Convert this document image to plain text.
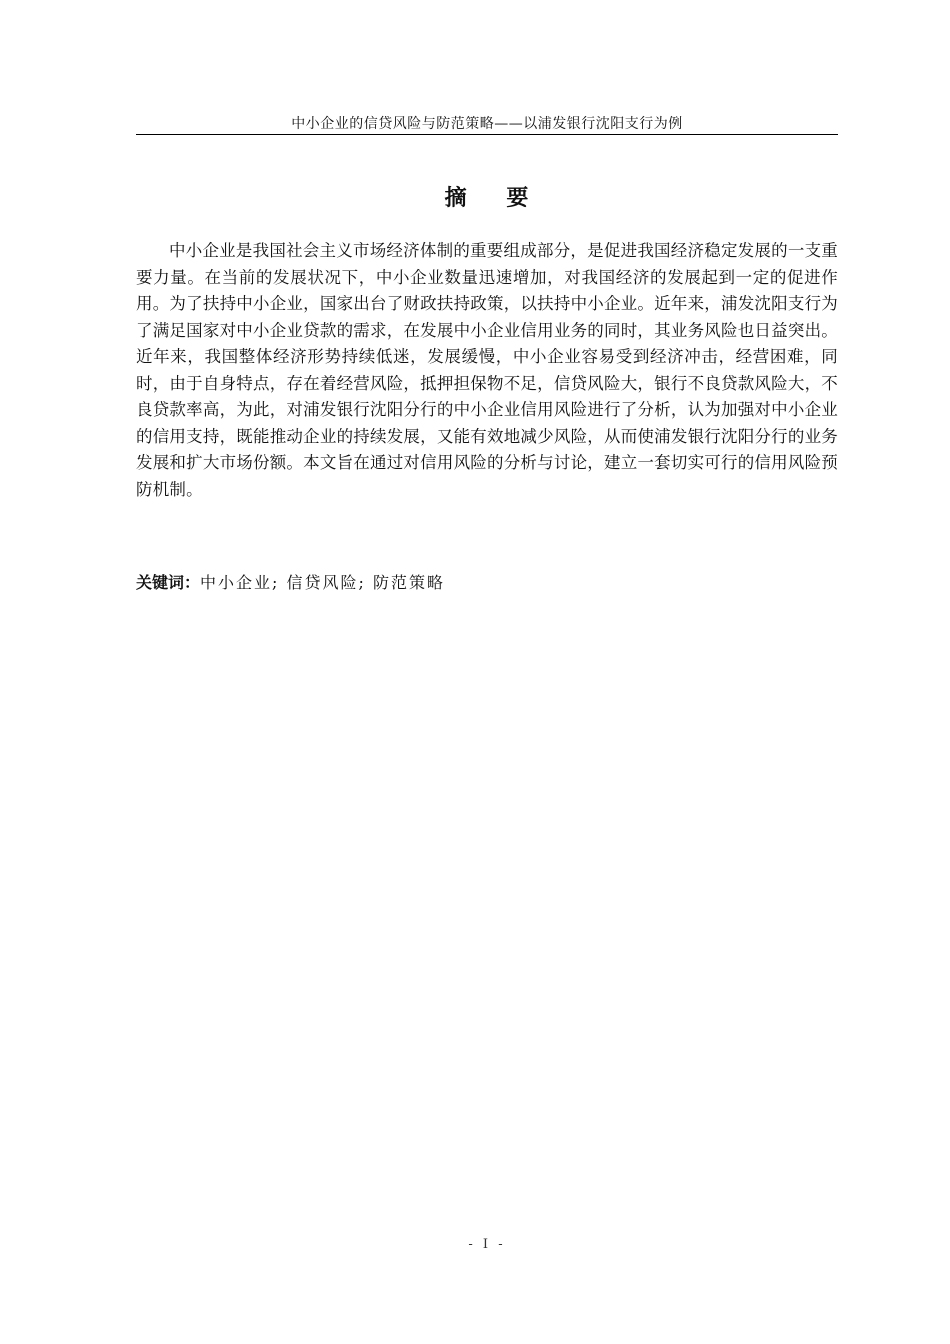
中小企业的信贷风险与防范策略——以浦发银行沈阳支行为例
摘 要

中小企业是我国社会主义市场经济体制的重要组成部分，是促进我国经济稳定发展的一支重要力量。在当前的发展状况下，中小企业数量迅速增加，对我国经济的发展起到一定的促进作用。为了扶持中小企业，国家出台了财政扶持政策，以扶持中小企业。近年来，浦发沈阳支行为了满足国家对中小企业贷款的需求，在发展中小企业信用业务的同时，其业务风险也日益突出。近年来，我国整体经济形势持续低迷，发展缓慢，中小企业容易受到经济冲击，经营困难，同时，由于自身特点，存在着经营风险，抵押担保物不足，信贷风险大，银行不良贷款风险大，不良贷款率高，为此，对浦发银行沈阳分行的中小企业信用风险进行了分析，认为加强对中小企业的信用支持，既能推动企业的持续发展，又能有效地减少风险，从而使浦发银行沈阳分行的业务发展和扩大市场份额。本文旨在通过对信用风险的分析与讨论，建立一套切实可行的信用风险预防机制。

关键词：中小企业; 信贷风险; 防范策略
- I -
